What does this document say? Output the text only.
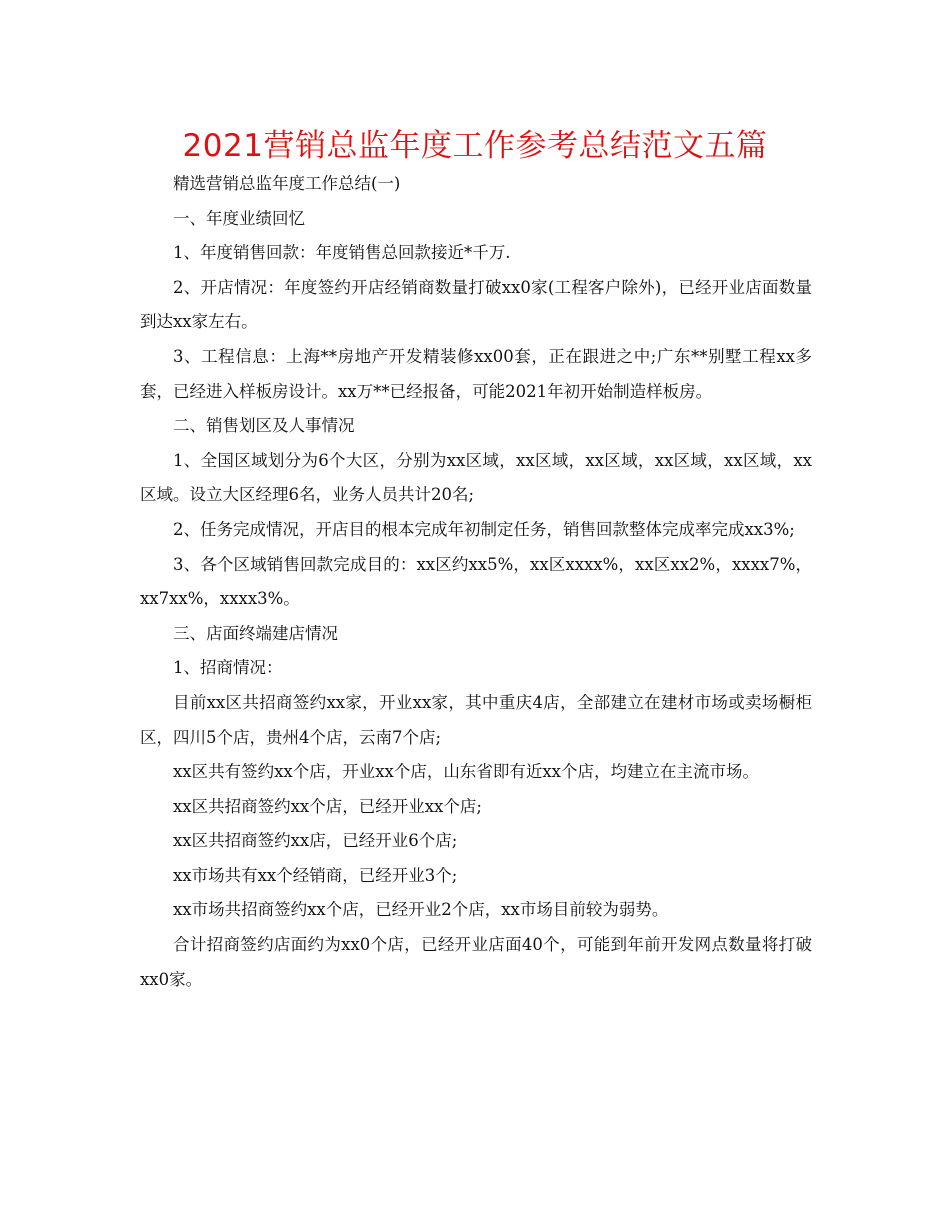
2021营销总监年度工作参考总结范文五篇

精选营销总监年度工作总结(一)

一、年度业绩回忆

1、年度销售回款：年度销售总回款接近*千万.

2、开店情况：年度签约开店经销商数量打破xx0家(工程客户除外)，已经开业店面数量到达xx家左右。

3、工程信息：上海**房地产开发精装修xx00套，正在跟进之中;广东**别墅工程xx多套，已经进入样板房设计。xx万**已经报备，可能2021年初开始制造样板房。

二、销售划区及人事情况

1、全国区域划分为6个大区，分别为xx区域，xx区域，xx区域，xx区域，xx区域，xx区域。设立大区经理6名，业务人员共计20名;

2、任务完成情况，开店目的根本完成年初制定任务，销售回款整体完成率完成xx3%;

3、各个区域销售回款完成目的：xx区约xx5%，xx区xxxx%，xx区xx2%，xxxx7%，xx7xx%，xxxx3%。

三、店面终端建店情况

1、招商情况：

目前xx区共招商签约xx家，开业xx家，其中重庆4店，全部建立在建材市场或卖场橱柜区，四川5个店，贵州4个店，云南7个店;

xx区共有签约xx个店，开业xx个店，山东省即有近xx个店，均建立在主流市场。

xx区共招商签约xx个店，已经开业xx个店;

xx区共招商签约xx店，已经开业6个店;

xx市场共有xx个经销商，已经开业3个;

xx市场共招商签约xx个店，已经开业2个店，xx市场目前较为弱势。

合计招商签约店面约为xx0个店，已经开业店面40个，可能到年前开发网点数量将打破xx0家。
